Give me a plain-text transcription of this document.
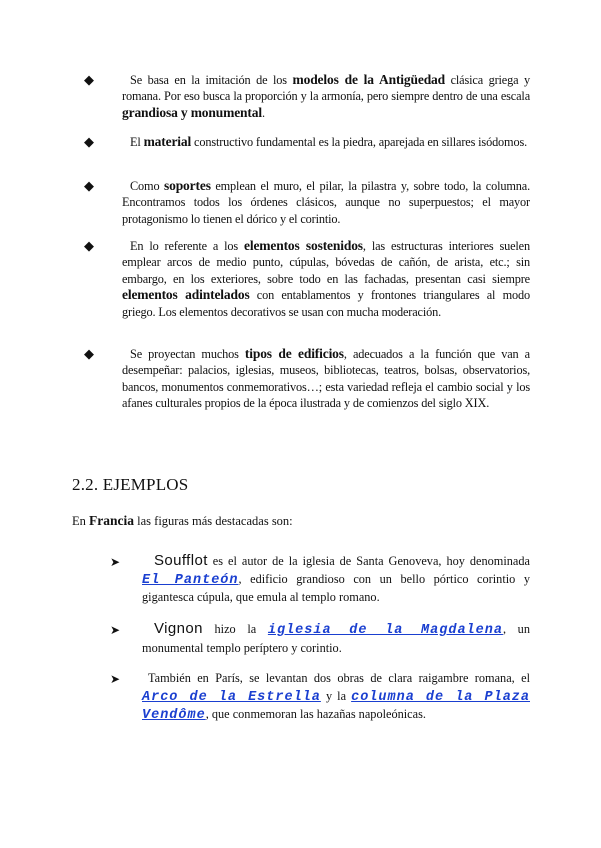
◆	Se basa en la imitación de los modelos de la Antigüedad clásica griega y romana. Por eso busca la proporción y la armonía, pero siempre dentro de una escala grandiosa y monumental.
◆	El material constructivo fundamental es la piedra, aparejada en sillares isódomos.
◆	Como soportes emplean el muro, el pilar, la pilastra y, sobre todo, la columna. Encontramos todos los órdenes clásicos, aunque no superpuestos; el mayor protagonismo lo tienen el dórico y el corintio.
◆	En lo referente a los elementos sostenidos, las estructuras interiores suelen emplear arcos de medio punto, cúpulas, bóvedas de cañón, de arista, etc.; sin embargo, en los exteriores, sobre todo en las fachadas, presentan casi siempre elementos adintelados con entablamentos y frontones triangulares al modo griego. Los elementos decorativos se usan con mucha moderación.
◆	Se proyectan muchos tipos de edificios, adecuados a la función que van a desempeñar: palacios, iglesias, museos, bibliotecas, teatros, bolsas, observatorios, bancos, monumentos conmemorativos…; esta variedad refleja el cambio social y los afanes culturales propios de la época ilustrada y de comienzos del siglo XIX.
2.2. EJEMPLOS
En Francia las figuras más destacadas son:
➤	Soufflot es el autor de la iglesia de Santa Genoveva, hoy denominada El Panteón, edificio grandioso con un bello pórtico corintio y gigantesca cúpula, que emula al templo romano.
➤	Vignon hizo la iglesia de la Magdalena, un monumental templo períptero y corintio.
➤	También en París, se levantan dos obras de clara raigambre romana, el Arco de la Estrella y la columna de la Plaza Vendôme, que conmemoran las hazañas napoleónicas.
